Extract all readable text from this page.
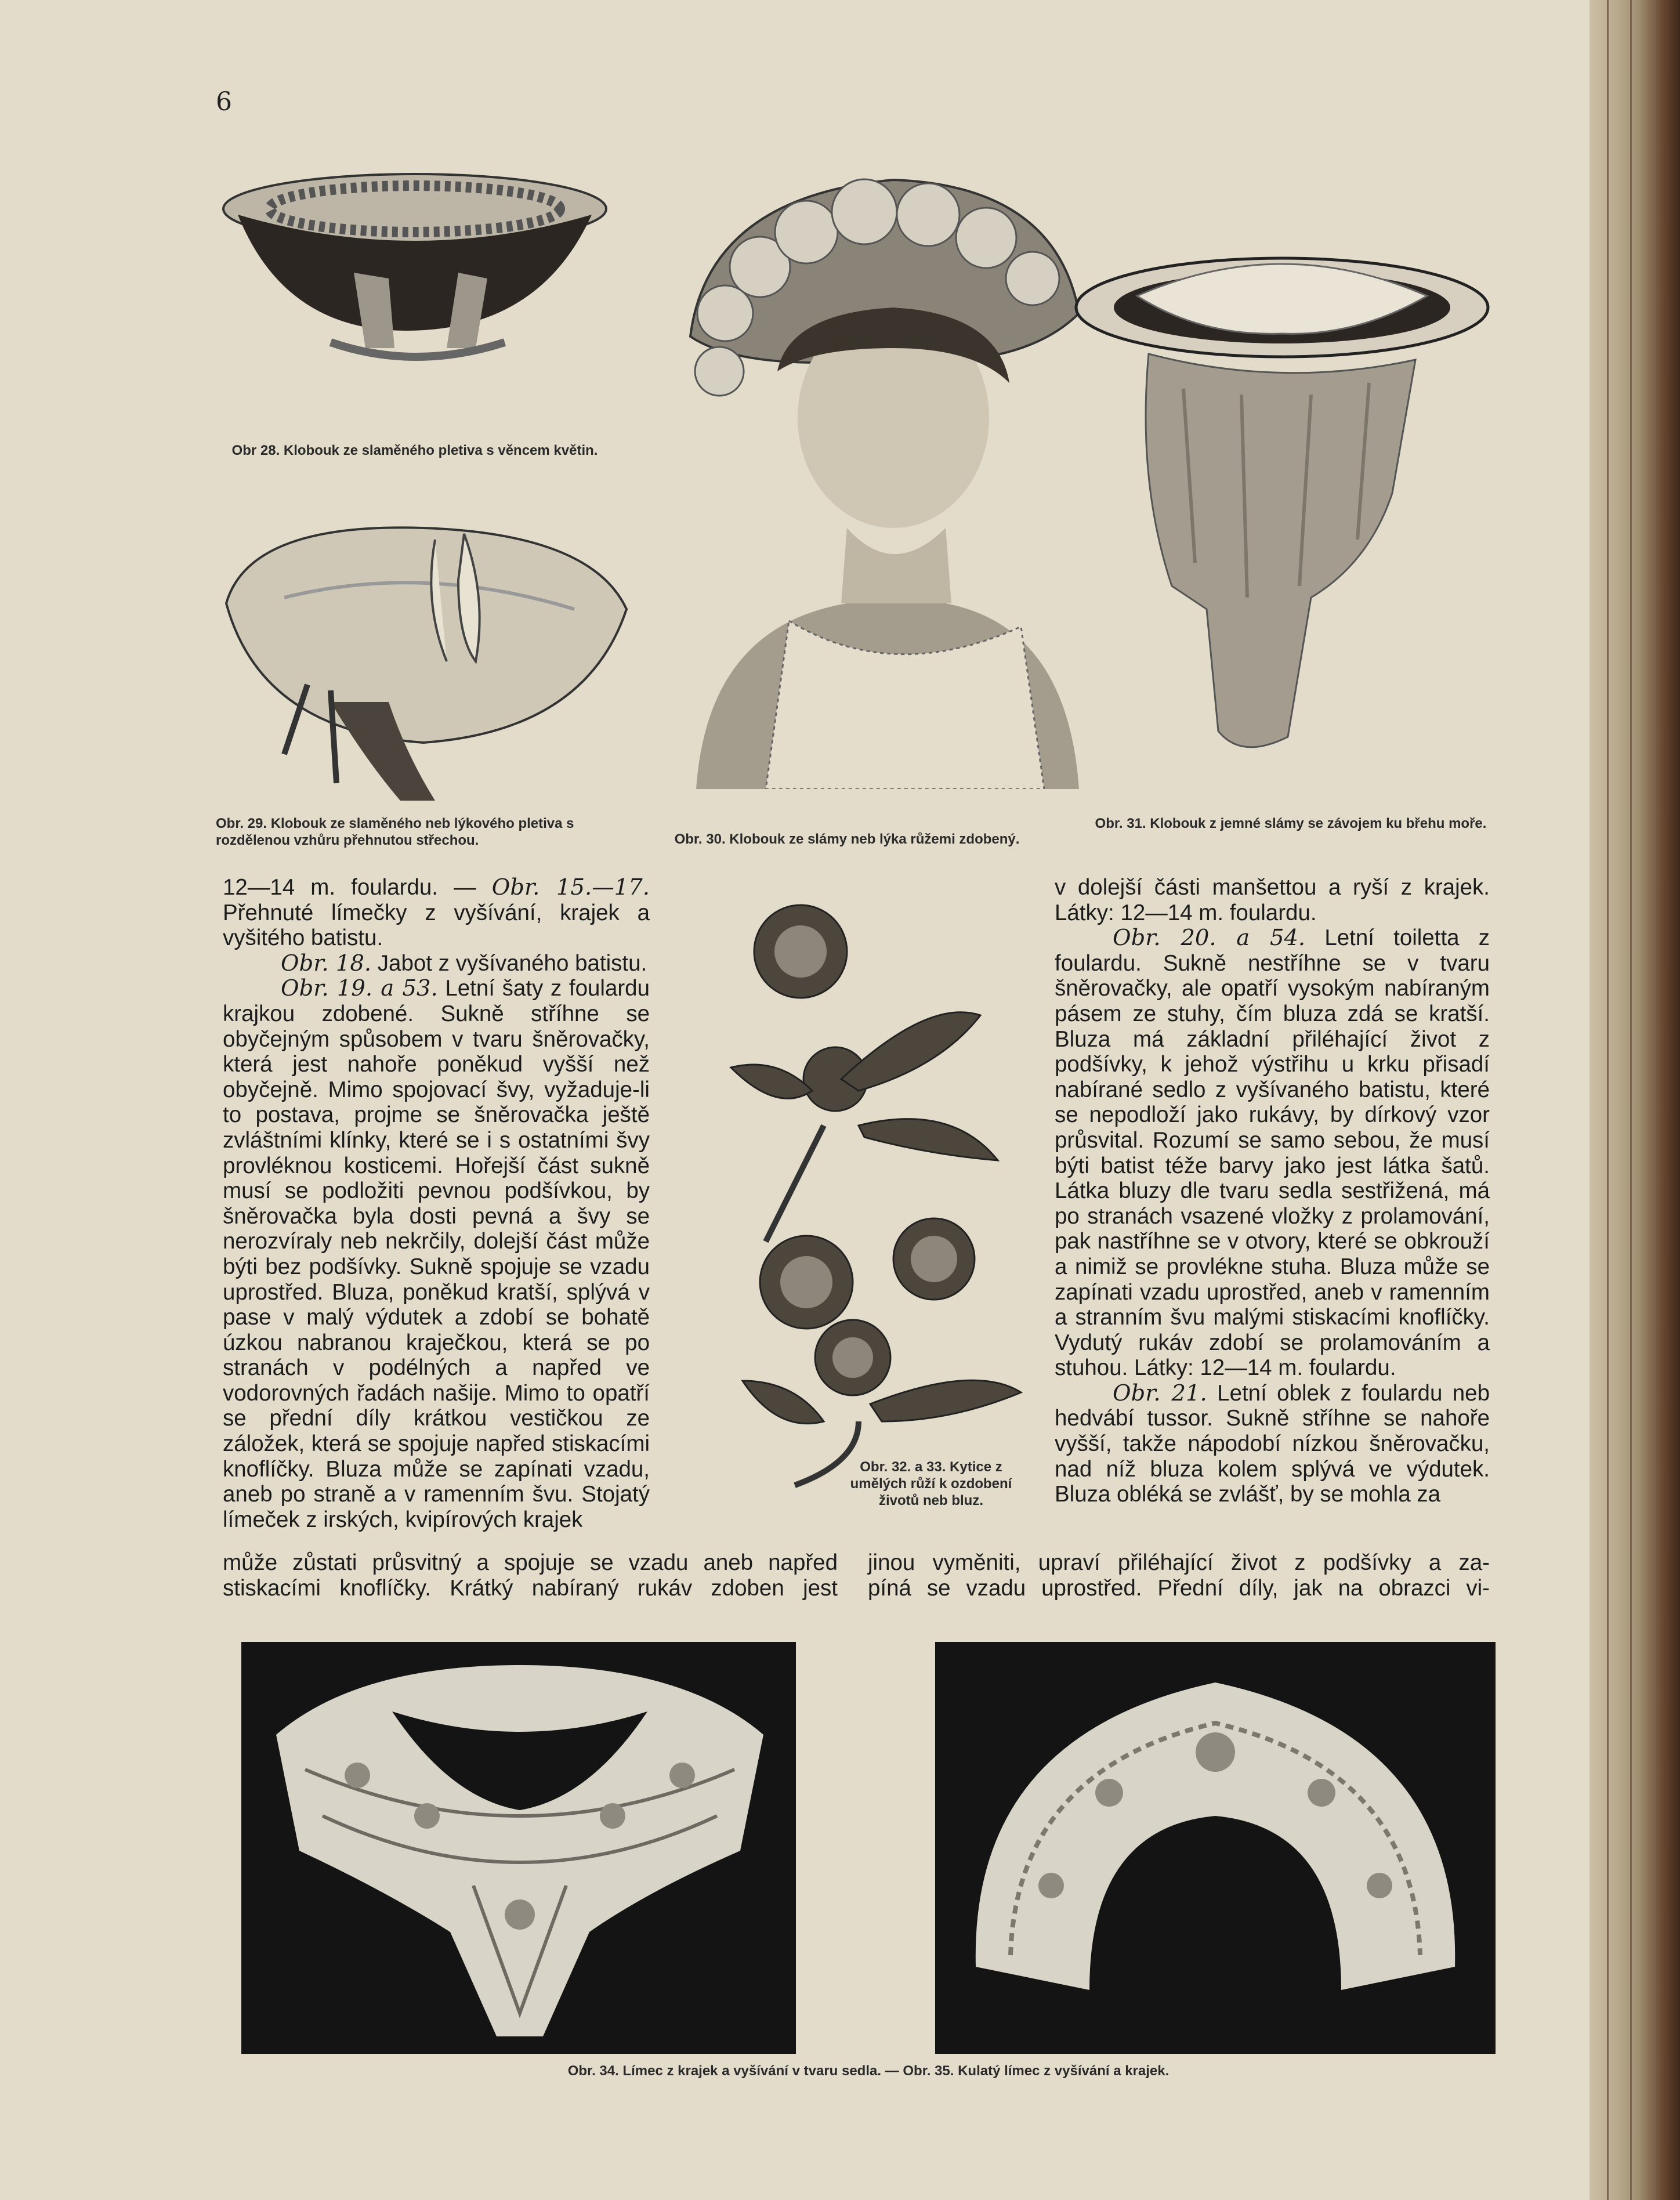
6
Obr 28. Klobouk ze slaměného pletiva s věncem květin.
Obr. 29. Klobouk ze slaměného neb lýkového pletiva s rozdělenou vzhůru přehnutou střechou.	Obr. 30. Klobouk ze slámy neb lýka růžemi zdobený.
Obr. 31. Klobouk z jemné slámy se závojem ku břehu moře.

12—14 m. foulardu. — Obr. 15.—17. Přehnuté límečky z vyšívání, krajek a vyšitého batistu.

Obr. 18. Jabot z vyšívaného batistu.

Obr. 19. a 53. Letní šaty z foulardu krajkou zdobené. Sukně stříhne se obyčejným spůsobem v tvaru šněrovačky, která jest nahoře poněkud vyšší než obyčejně. Mimo spojovací švy, vyžaduje-li to postava, projme se šněrovačka ještě zvláštními klínky, které se i s ostatními švy provléknou kosticemi. Hořejší část sukně musí se podložiti pevnou podšívkou, by šněrovačka byla dosti pevná a švy se nerozvíraly neb nekrčily, dolejší část může býti bez podšívky. Sukně spojuje se vzadu uprostřed. Bluza, poněkud kratší, splývá v pase v malý výdutek a zdobí se bohatě úzkou nabranou kraječkou, která se po stranách v podélných a napřed ve vodorovných řadách našije. Mimo to opatří se přední díly krátkou vestičkou ze záložek, která se spojuje napřed stiskacími knoflíčky. Bluza může se zapínati vzadu, aneb po straně a v ramenním švu. Stojatý límeček z irských, kvipírových krajek

Obr. 32. a 33. Kytice z umělých růží k ozdobení životů neb bluz.

v dolejší části manšettou a ryší z krajek. Látky: 12—14 m. foulardu.

Obr. 20. a 54. Letní toiletta z foulardu. Sukně nestříhne se v tvaru šněrovačky, ale opatří vysokým nabíraným pásem ze stuhy, čím bluza zdá se kratší. Bluza má základní přiléhající život z podšívky, k jehož výstřihu u krku přisadí nabírané sedlo z vyšívaného batistu, které se nepodloží jako rukávy, by dírkový vzor průsvital. Rozumí se samo sebou, že musí býti batist téže barvy jako jest látka šatů. Látka bluzy dle tvaru sedla sestřižená, má po stranách vsazené vložky z prolamování, pak nastříhne se v otvory, které se obkrouží a nimiž se provlékne stuha. Bluza může se zapínati vzadu uprostřed, aneb v ramenním a stranním švu malými stiskacími knoflíčky. Vydutý rukáv zdobí se prolamováním a stuhou. Látky: 12—14 m. foulardu.

Obr. 21. Letní oblek z foulardu neb hedvábí tussor. Sukně stříhne se nahoře vyšší, takže nápodobí nízkou šněrovačku, nad níž bluza kolem splývá ve výdutek. Bluza obléká se zvlášť, by se mohla za

může zůstati průsvitný a spojuje se vzadu aneb napřed
stiskacími knoflíčky. Krátký nabíraný rukáv zdoben jest
jinou vyměniti, upraví přiléhající život z podšívky a za-
píná se vzadu uprostřed. Přední díly, jak na obrazci vi-
Obr. 34. Límec z krajek a vyšívání v tvaru sedla. — Obr. 35. Kulatý límec z vyšívání a krajek.
